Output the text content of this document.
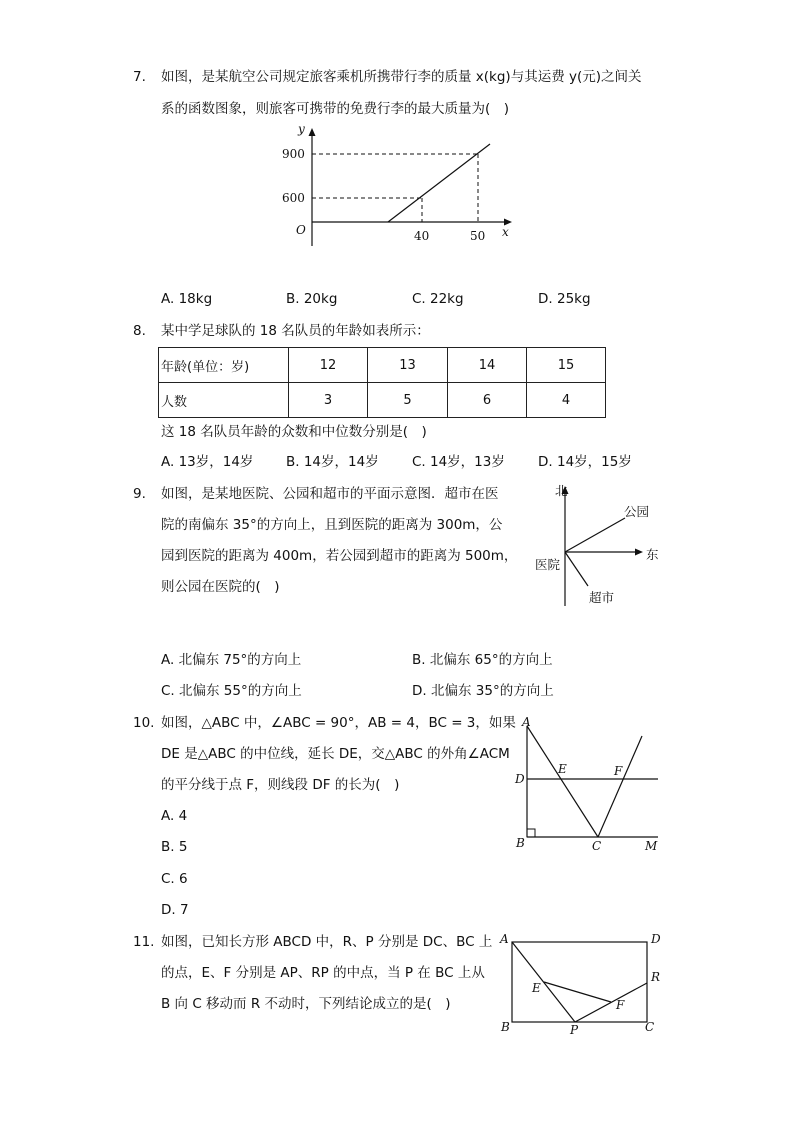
7. 如图，是某航空公司规定旅客乘机所携带行李的质量 x(kg)与其运费 y(元)之间关
系的函数图象，则旅客可携带的免费行李的最大质量为(　)
y
x
O
900
600
40	50
A. 18kg	B. 20kg	C. 22kg	D. 25kg
8. 某中学足球队的 18 名队员的年龄如表所示：
年龄(单位：岁)	12	13	14	15
人数	3	5	6	4
这 18 名队员年龄的众数和中位数分别是(　)
A. 13岁，14岁 B. 14岁，14岁 C. 14岁，13岁 D. 14岁，15岁
9. 如图，是某地医院、公园和超市的平面示意图．超市在医
院的南偏东 35°的方向上，且到医院的距离为 300m，公
园到医院的距离为 400m，若公园到超市的距离为 500m，
则公园在医院的(　)
北
东
公园
医院
超市
A. 北偏东 75°的方向上	B. 北偏东 65°的方向上
C. 北偏东 55°的方向上	D. 北偏东 35°的方向上
10. 如图，△ABC 中，∠ABC = 90°，AB = 4，BC = 3，如果
DE 是△ABC 的中位线，延长 DE，交△ABC 的外角∠ACM
的平分线于点 F，则线段 DF 的长为(　)
A
D
E	F
B	C	M
A. 4
B. 5
C. 6
D. 7
11. 如图，已知长方形 ABCD 中，R、P 分别是 DC、BC 上
的点，E、F 分别是 AP、RP 的中点，当 P 在 BC 上从
B 向 C 移动而 R 不动时，下列结论成立的是(　)
A	D
R
E
F
B	P	C
